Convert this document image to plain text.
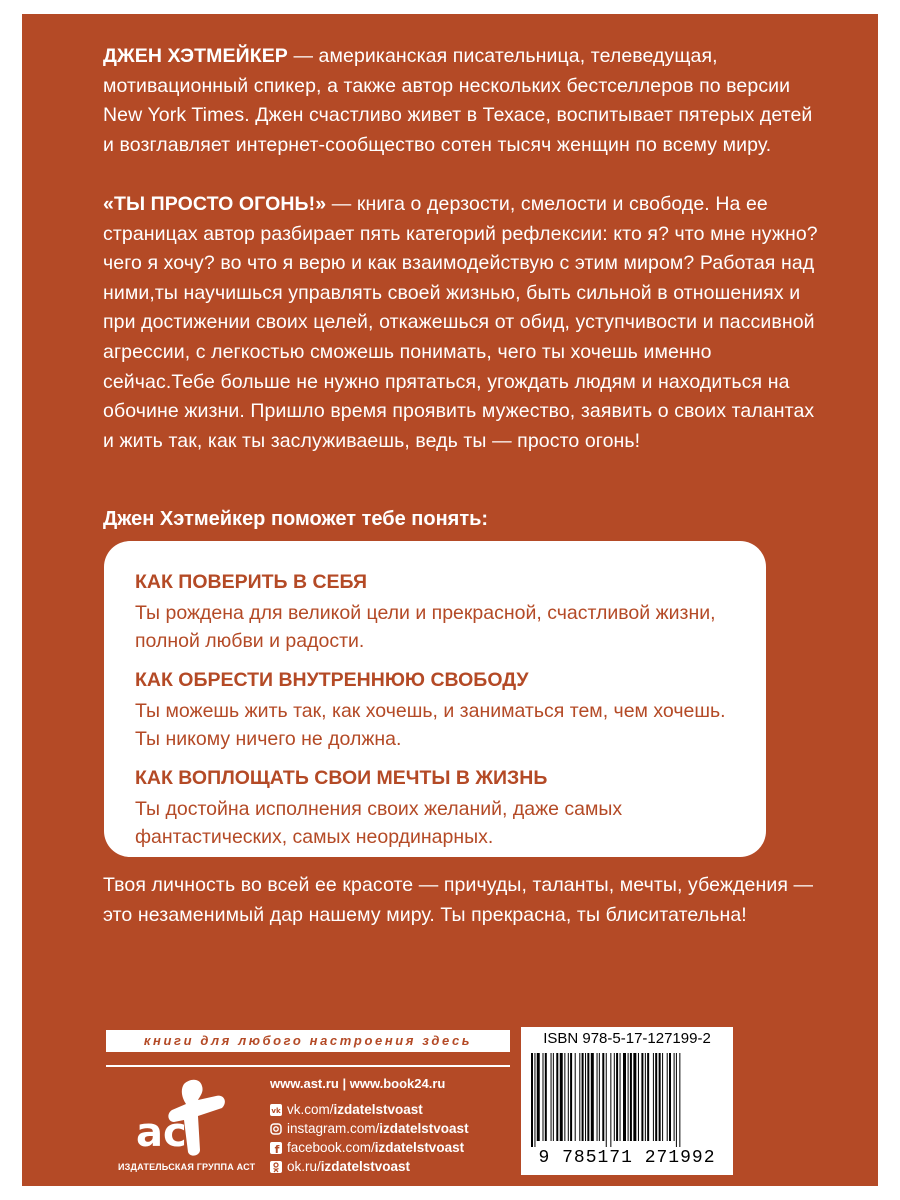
ДЖЕН ХЭТМЕЙКЕР — американская писательница, телеведущая, мотивационный спикер, а также автор нескольких бестселлеров по версии New York Times. Джен счастливо живет в Техасе, воспитывает пятерых детей и возглавляет интернет-сообщество сотен тысяч женщин по всему миру.

«ТЫ ПРОСТО ОГОНЬ!» — книга о дерзости, смелости и свободе. На ее страницах автор разбирает пять категорий рефлексии: кто я? что мне нужно? чего я хочу? во что я верю и как взаимодействую с этим миром? Работая над ними,ты научишься управлять своей жизнью, быть сильной в отношениях и при достижении своих целей, откажешься от обид, уступчивости и пассивной агрессии, с легкостью сможешь понимать, чего ты хочешь именно сейчас.Тебе больше не нужно прятаться, угождать людям и находиться на обочине жизни. Пришло время проявить мужество, заявить о своих талантах и жить так, как ты заслуживаешь, ведь ты — просто огонь!

Джен Хэтмейкер поможет тебе понять:

КАК ПОВЕРИТЬ В СЕБЯ

Ты рождена для великой цели и прекрасной, счастливой жизни, полной любви и радости.

КАК ОБРЕСТИ ВНУТРЕННЮЮ СВОБОДУ

Ты можешь жить так, как хочешь, и заниматься тем, чем хочешь. Ты никому ничего не должна.

КАК ВОПЛОЩАТЬ СВОИ МЕЧТЫ В ЖИЗНЬ

Ты достойна исполнения своих желаний, даже самых фантастических, самых неординарных.

Твоя личность во всей ее красоте — причуды, таланты, мечты, убеждения — это незаменимый дар нашему миру. Ты прекрасна, ты блиситательна!

книги для любого настроения здесь
ас
ИЗДАТЕЛЬСКАЯ ГРУППА АСТ
www.ast.ru | www.book24.ru
vk vk.com/ izdatelstvoast
instagram.com/ izdatelstvoast
f facebook.com/ izdatelstvoast
ok.ru/ izdatelstvoast
ISBN 978-5-17-127199-2
9 785171 271992
